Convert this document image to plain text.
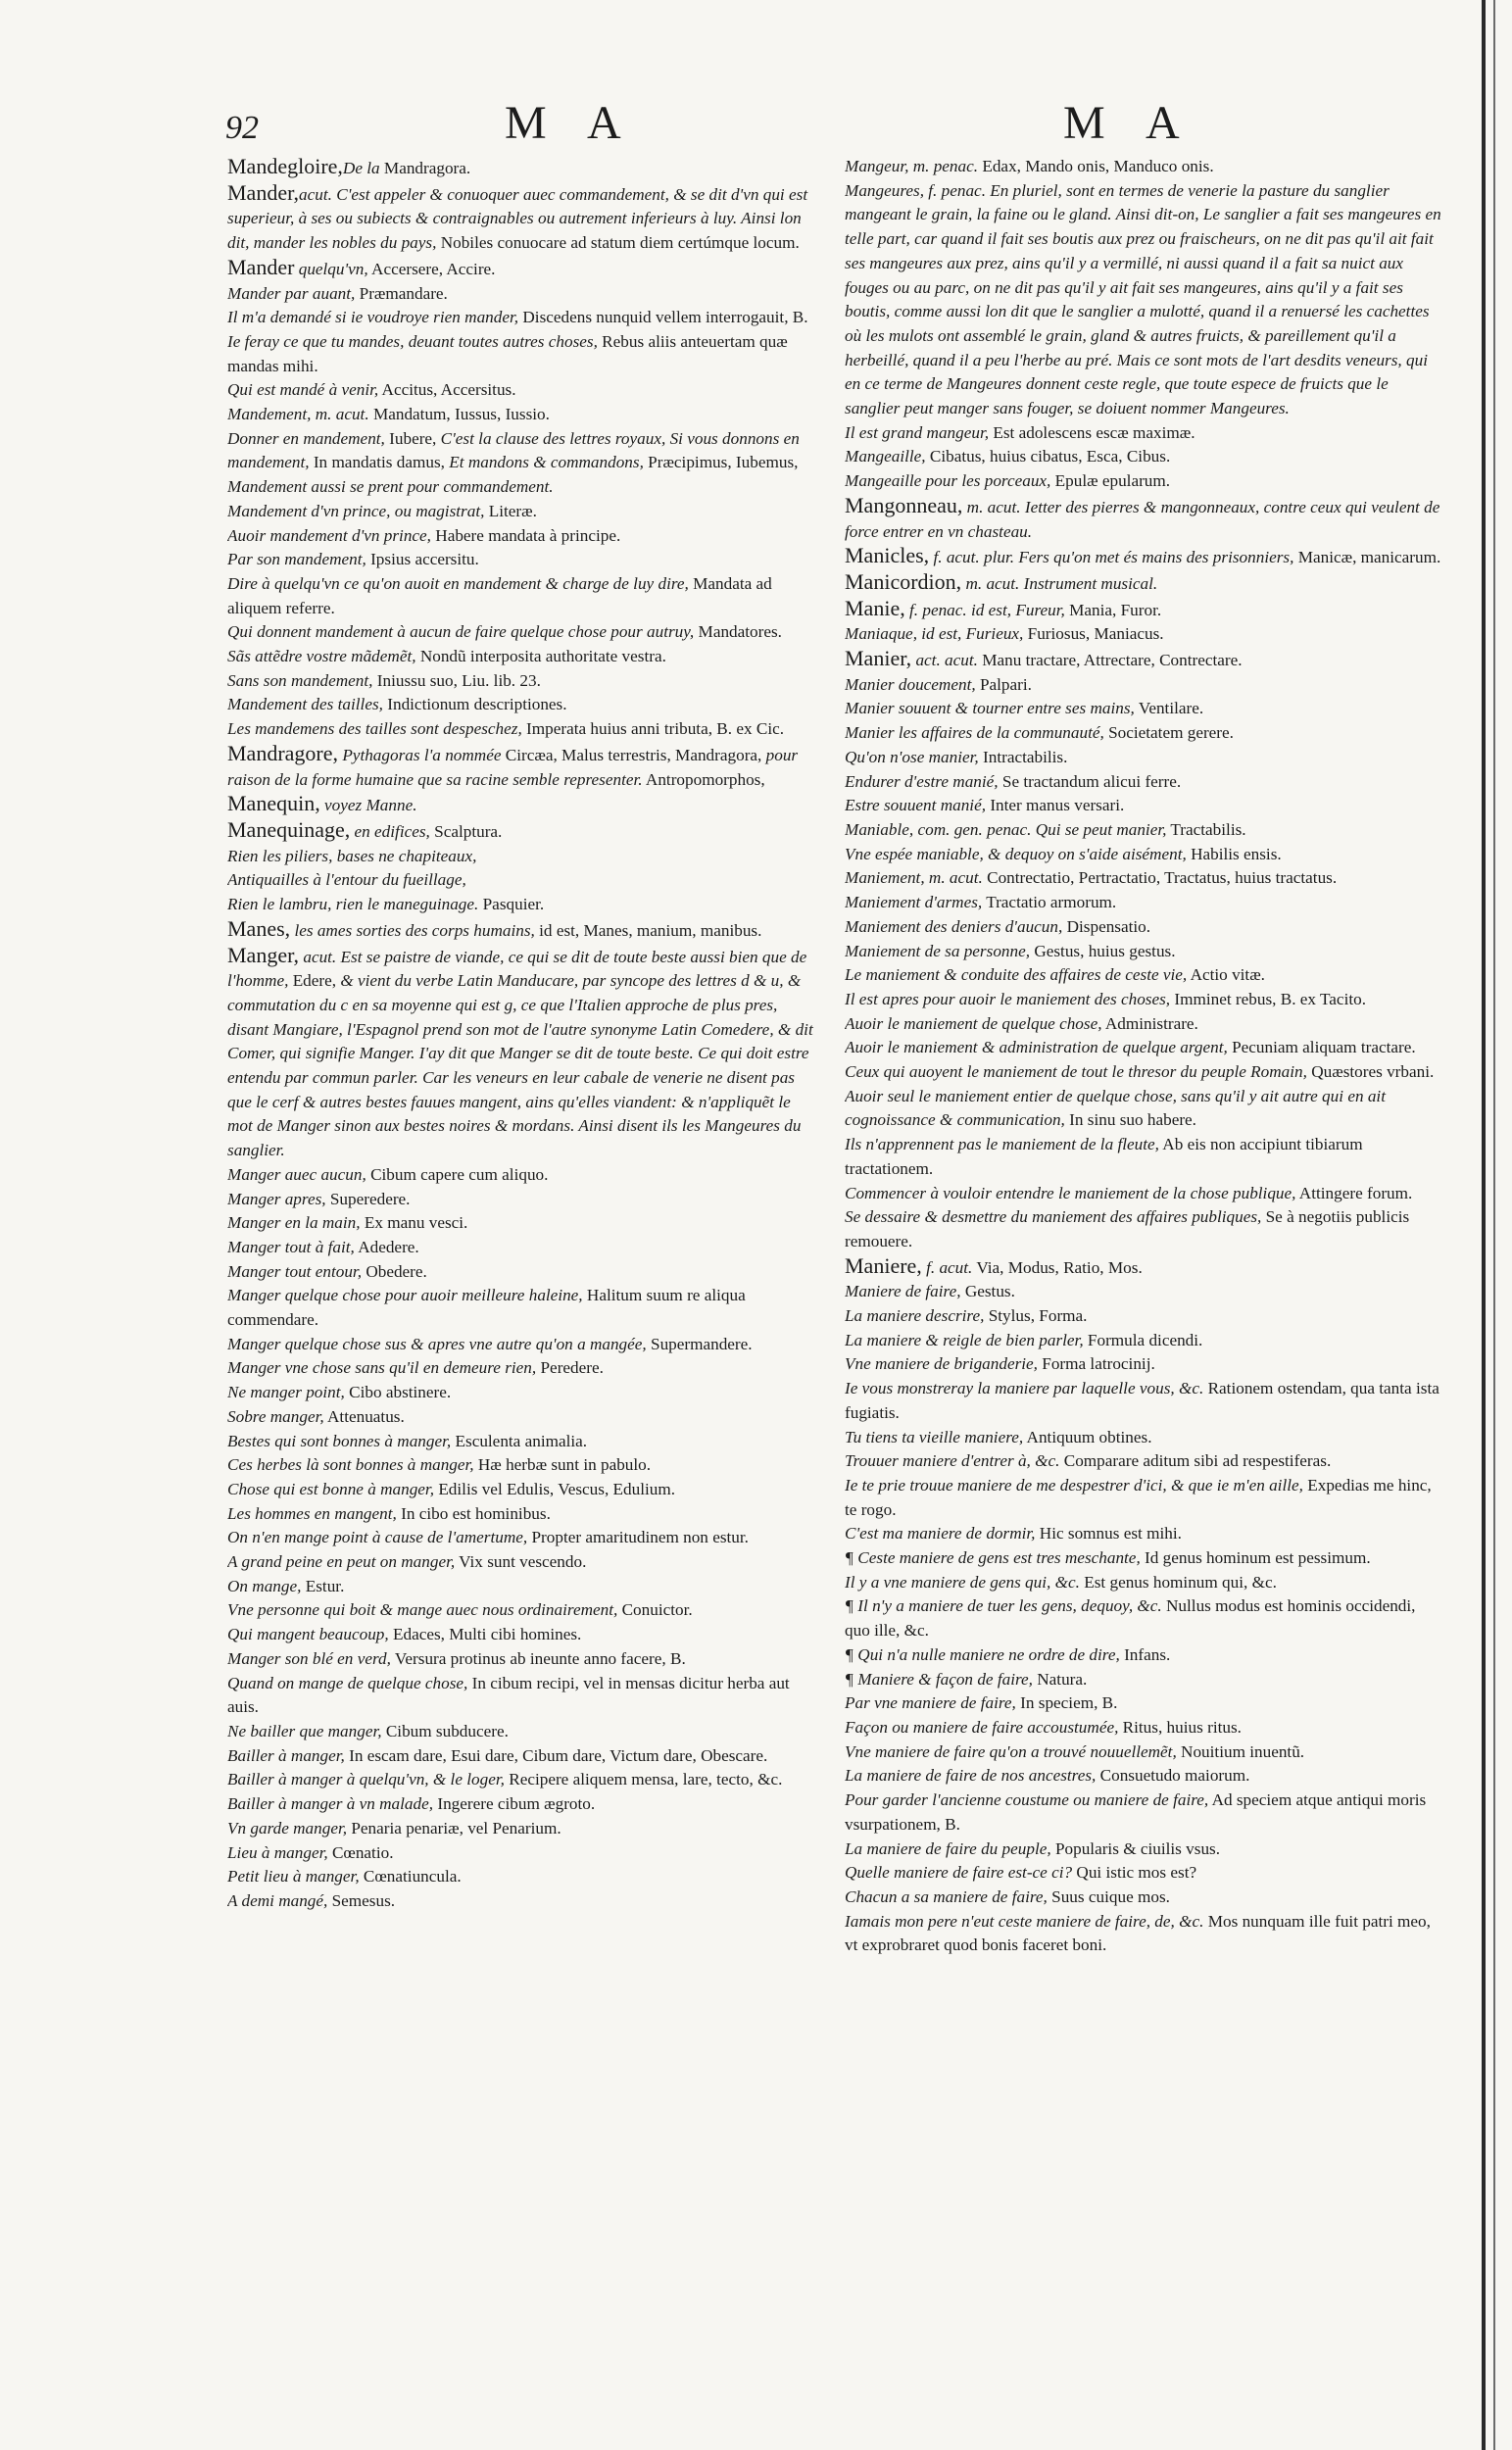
92	M A	M A

Mandegloire,De la Mandragora.

Mander,acut. C'est appeler & conuoquer auec commandement, & se dit d'vn qui est superieur, à ses ou subiects & contraignables ou autrement inferieurs à luy. Ainsi lon dit, mander les nobles du pays, Nobiles conuocare ad statum diem certúmque locum.

Mander quelqu'vn, Accersere, Accire.

Mander par auant, Præmandare.

Il m'a demandé si ie voudroye rien mander, Discedens nunquid vellem interrogauit, B.

Ie feray ce que tu mandes, deuant toutes autres choses, Rebus aliis anteuertam quæ mandas mihi.

Qui est mandé à venir, Accitus, Accersitus.

Mandement, m. acut. Mandatum, Iussus, Iussio.

Donner en mandement, Iubere, C'est la clause des lettres royaux, Si vous donnons en mandement, In mandatis damus, Et mandons & commandons, Præcipimus, Iubemus, Mandement aussi se prent pour commandement.

Mandement d'vn prince, ou magistrat, Literæ.

Auoir mandement d'vn prince, Habere mandata à principe.

Par son mandement, Ipsius accersitu.

Dire à quelqu'vn ce qu'on auoit en mandement & charge de luy dire, Mandata ad aliquem referre.

Qui donnent mandement à aucun de faire quelque chose pour autruy, Mandatores.

Sãs attẽdre vostre mãdemẽt, Nondũ interposita authoritate vestra.

Sans son mandement, Iniussu suo, Liu. lib. 23.

Mandement des tailles, Indictionum descriptiones.

Les mandemens des tailles sont despeschez, Imperata huius anni tributa, B. ex Cic.

Mandragore, Pythagoras l'a nommée Circæa, Malus terrestris, Mandragora, pour raison de la forme humaine que sa racine semble representer. Antropomorphos,

Manequin, voyez Manne.

Manequinage, en edifices, Scalptura.

Rien les piliers, bases ne chapiteaux,

Antiquailles à l'entour du fueillage,

Rien le lambru, rien le maneguinage. Pasquier.

Manes, les ames sorties des corps humains, id est, Manes, manium, manibus.

Manger, acut. Est se paistre de viande, ce qui se dit de toute beste aussi bien que de l'homme, Edere, & vient du verbe Latin Manducare, par syncope des lettres d & u, & commutation du c en sa moyenne qui est g, ce que l'Italien approche de plus pres, disant Mangiare, l'Espagnol prend son mot de l'autre synonyme Latin Comedere, & dit Comer, qui signifie Manger. I'ay dit que Manger se dit de toute beste. Ce qui doit estre entendu par commun parler. Car les veneurs en leur cabale de venerie ne disent pas que le cerf & autres bestes fauues mangent, ains qu'elles viandent: & n'appliquẽt le mot de Manger sinon aux bestes noires & mordans. Ainsi disent ils les Mangeures du sanglier.

Manger auec aucun, Cibum capere cum aliquo.

Manger apres, Superedere.

Manger en la main, Ex manu vesci.

Manger tout à fait, Adedere.

Manger tout entour, Obedere.

Manger quelque chose pour auoir meilleure haleine, Halitum suum re aliqua commendare.

Manger quelque chose sus & apres vne autre qu'on a mangée, Supermandere.

Manger vne chose sans qu'il en demeure rien, Peredere.

Ne manger point, Cibo abstinere.

Sobre manger, Attenuatus.

Bestes qui sont bonnes à manger, Esculenta animalia.

Ces herbes là sont bonnes à manger, Hæ herbæ sunt in pabulo.

Chose qui est bonne à manger, Edilis vel Edulis, Vescus, Edulium.

Les hommes en mangent, In cibo est hominibus.

On n'en mange point à cause de l'amertume, Propter amaritudinem non estur.

A grand peine en peut on manger, Vix sunt vescendo.

On mange, Estur.

Vne personne qui boit & mange auec nous ordinairement, Conuictor.

Qui mangent beaucoup, Edaces, Multi cibi homines.

Manger son blé en verd, Versura protinus ab ineunte anno facere, B.

Quand on mange de quelque chose, In cibum recipi, vel in mensas dicitur herba aut auis.

Ne bailler que manger, Cibum subducere.

Bailler à manger, In escam dare, Esui dare, Cibum dare, Victum dare, Obescare.

Bailler à manger à quelqu'vn, & le loger, Recipere aliquem mensa, lare, tecto, &c.

Bailler à manger à vn malade, Ingerere cibum ægroto.

Vn garde manger, Penaria penariæ, vel Penarium.

Lieu à manger, Cœnatio.

Petit lieu à manger, Cœnatiuncula.

A demi mangé, Semesus.

Mangeur, m. penac. Edax, Mando onis, Manduco onis.

Mangeures, f. penac. En pluriel, sont en termes de venerie la pasture du sanglier mangeant le grain, la faine ou le gland. Ainsi dit-on, Le sanglier a fait ses mangeures en telle part, car quand il fait ses boutis aux prez ou fraischeurs, on ne dit pas qu'il ait fait ses mangeures aux prez, ains qu'il y a vermillé, ni aussi quand il a fait sa nuict aux fouges ou au parc, on ne dit pas qu'il y ait fait ses mangeures, ains qu'il y a fait ses boutis, comme aussi lon dit que le sanglier a mulotté, quand il a renuersé les cachettes où les mulots ont assemblé le grain, gland & autres fruicts, & pareillement qu'il a herbeillé, quand il a peu l'herbe au pré. Mais ce sont mots de l'art desdits veneurs, qui en ce terme de Mangeures donnent ceste regle, que toute espece de fruicts que le sanglier peut manger sans fouger, se doiuent nommer Mangeures.

Il est grand mangeur, Est adolescens escæ maximæ.

Mangeaille, Cibatus, huius cibatus, Esca, Cibus.

Mangeaille pour les porceaux, Epulæ epularum.

Mangonneau, m. acut. Ietter des pierres & mangonneaux, contre ceux qui veulent de force entrer en vn chasteau.

Manicles, f. acut. plur. Fers qu'on met és mains des prisonniers, Manicæ, manicarum.

Manicordion, m. acut. Instrument musical.

Manie, f. penac. id est, Fureur, Mania, Furor.

Maniaque, id est, Furieux, Furiosus, Maniacus.

Manier, act. acut. Manu tractare, Attrectare, Contrectare.

Manier doucement, Palpari.

Manier souuent & tourner entre ses mains, Ventilare.

Manier les affaires de la communauté, Societatem gerere.

Qu'on n'ose manier, Intractabilis.

Endurer d'estre manié, Se tractandum alicui ferre.

Estre souuent manié, Inter manus versari.

Maniable, com. gen. penac. Qui se peut manier, Tractabilis.

Vne espée maniable, & dequoy on s'aide aisément, Habilis ensis.

Maniement, m. acut. Contrectatio, Pertractatio, Tractatus, huius tractatus.

Maniement d'armes, Tractatio armorum.

Maniement des deniers d'aucun, Dispensatio.

Maniement de sa personne, Gestus, huius gestus.

Le maniement & conduite des affaires de ceste vie, Actio vitæ.

Il est apres pour auoir le maniement des choses, Imminet rebus, B. ex Tacito.

Auoir le maniement de quelque chose, Administrare.

Auoir le maniement & administration de quelque argent, Pecuniam aliquam tractare.

Ceux qui auoyent le maniement de tout le thresor du peuple Romain, Quæstores vrbani.

Auoir seul le maniement entier de quelque chose, sans qu'il y ait autre qui en ait cognoissance & communication, In sinu suo habere.

Ils n'apprennent pas le maniement de la fleute, Ab eis non accipiunt tibiarum tractationem.

Commencer à vouloir entendre le maniement de la chose publique, Attingere forum.

Se dessaire & desmettre du maniement des affaires publiques, Se à negotiis publicis remouere.

Maniere, f. acut. Via, Modus, Ratio, Mos.

Maniere de faire, Gestus.

La maniere descrire, Stylus, Forma.

La maniere & reigle de bien parler, Formula dicendi.

Vne maniere de briganderie, Forma latrocinij.

Ie vous monstreray la maniere par laquelle vous, &c. Rationem ostendam, qua tanta ista fugiatis.

Tu tiens ta vieille maniere, Antiquum obtines.

Trouuer maniere d'entrer à, &c. Comparare aditum sibi ad respestiferas.

Ie te prie trouue maniere de me despestrer d'ici, & que ie m'en aille, Expedias me hinc, te rogo.

C'est ma maniere de dormir, Hic somnus est mihi.

¶ Ceste maniere de gens est tres meschante, Id genus hominum est pessimum.

Il y a vne maniere de gens qui, &c. Est genus hominum qui, &c.

¶ Il n'y a maniere de tuer les gens, dequoy, &c. Nullus modus est hominis occidendi, quo ille, &c.

¶ Qui n'a nulle maniere ne ordre de dire, Infans.

¶ Maniere & façon de faire, Natura.

Par vne maniere de faire, In speciem, B.

Façon ou maniere de faire accoustumée, Ritus, huius ritus.

Vne maniere de faire qu'on a trouvé nouuellemẽt, Nouitium inuentũ.

La maniere de faire de nos ancestres, Consuetudo maiorum.

Pour garder l'ancienne coustume ou maniere de faire, Ad speciem atque antiqui moris vsurpationem, B.

La maniere de faire du peuple, Popularis & ciuilis vsus.

Quelle maniere de faire est-ce ci? Qui istic mos est?

Chacun a sa maniere de faire, Suus cuique mos.

Iamais mon pere n'eut ceste maniere de faire, de, &c. Mos nunquam ille fuit patri meo, vt exprobraret quod bonis faceret boni.
